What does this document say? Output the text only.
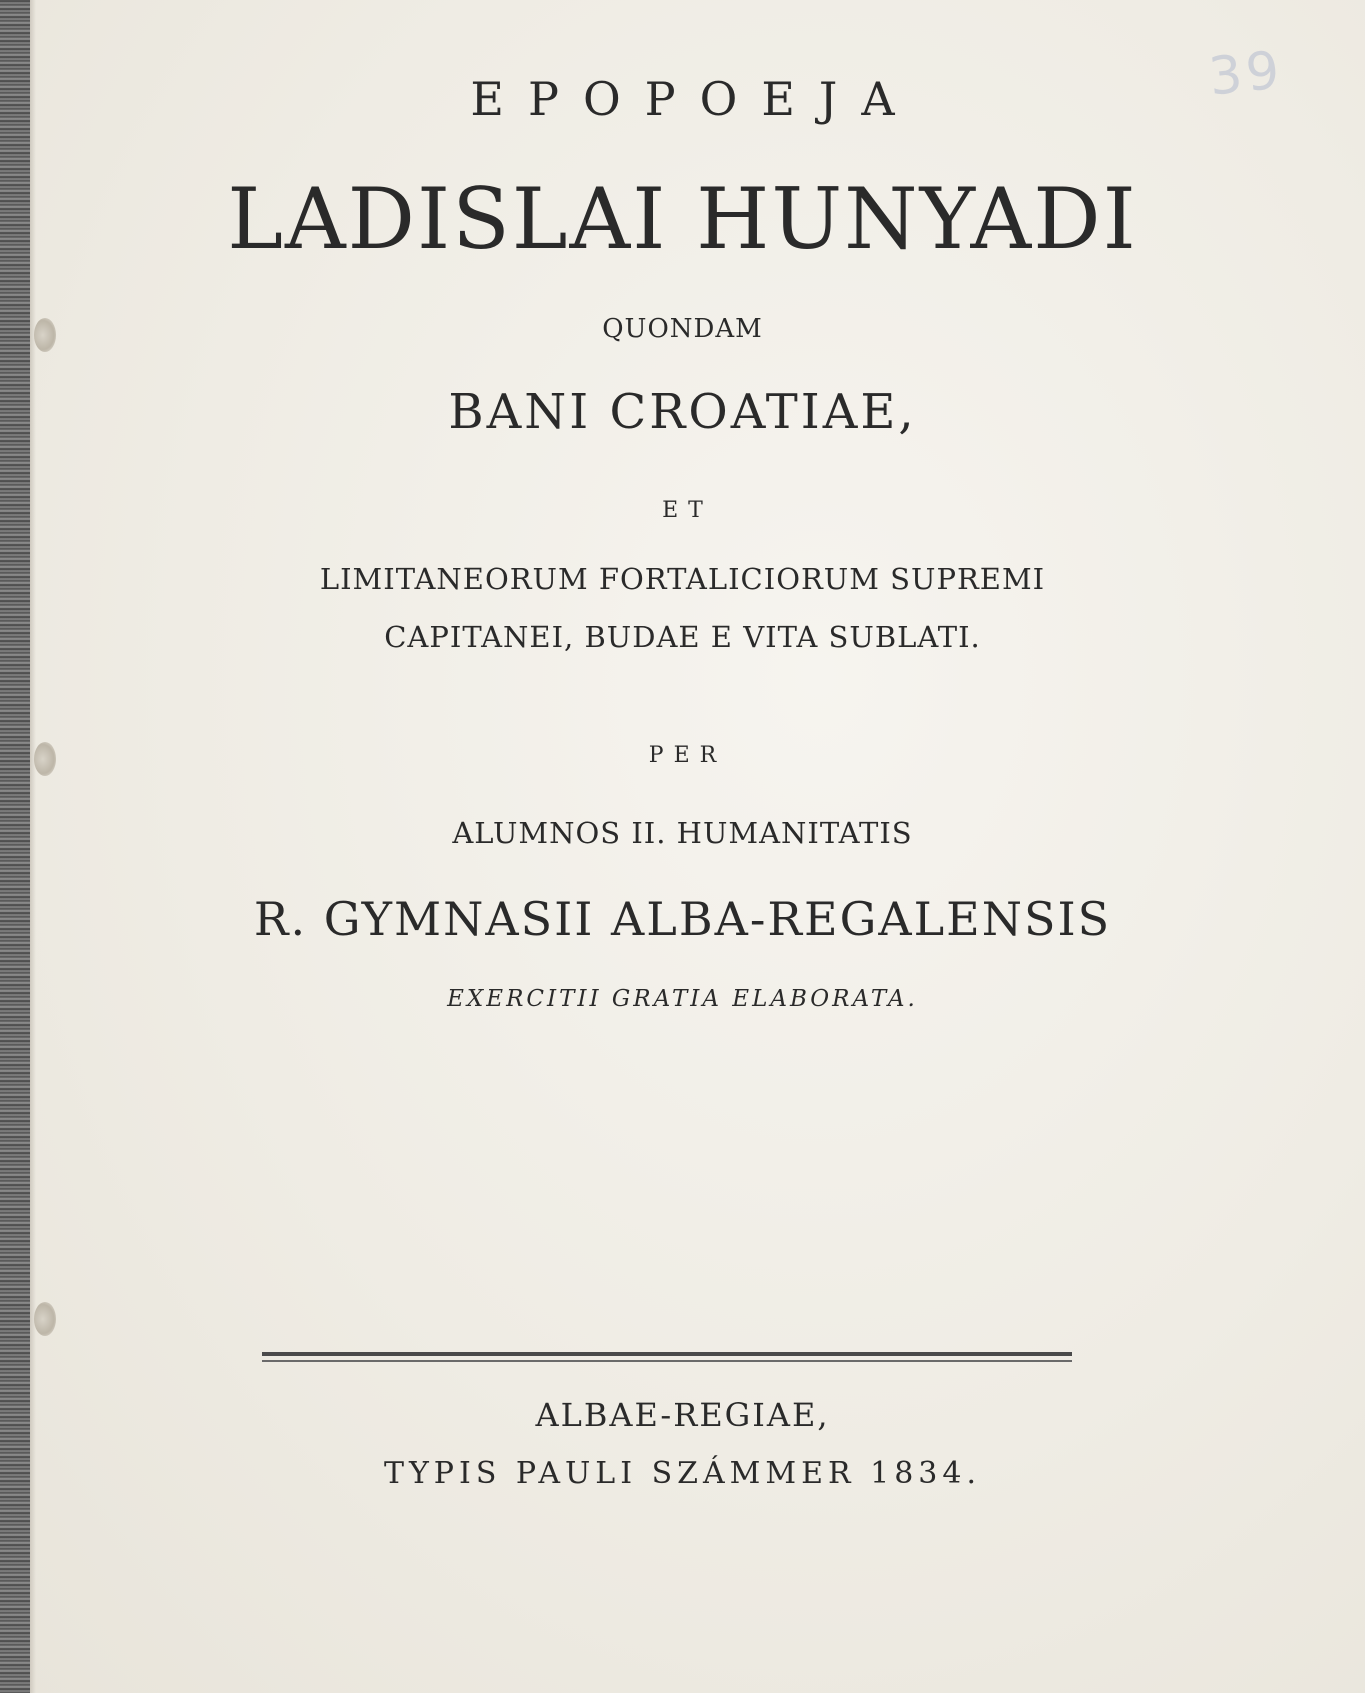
39
EPOPOEJA
LADISLAI HUNYADI
QUONDAM
BANI CROATIAE,
ET
LIMITANEORUM FORTALICIORUM SUPREMI
CAPITANEI, BUDAE E VITA SUBLATI.
PER
ALUMNOS II. HUMANITATIS
R. GYMNASII ALBA-REGALENSIS
EXERCITII GRATIA ELABORATA.
ALBAE-REGIAE,
TYPIS PAULI SZÁMMER 1834.
